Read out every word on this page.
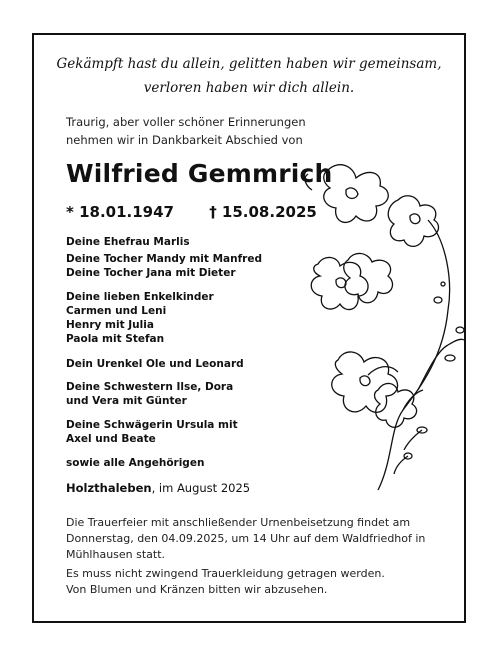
Gekämpft hast du allein, gelitten haben wir gemeinsam,
verloren haben wir dich allein.
Traurig, aber voller schöner Erinnerungen
nehmen wir in Dankbarkeit Abschied von
Wilfried Gemmrich
* 18.01.1947 † 15.08.2025
Deine Ehefrau Marlis
Deine Tocher Mandy mit Manfred
Deine Tocher Jana mit Dieter
Deine lieben Enkelkinder
Carmen und Leni
Henry mit Julia
Paola mit Stefan
Dein Urenkel Ole und Leonard
Deine Schwestern Ilse, Dora
und Vera mit Günter
Deine Schwägerin Ursula mit
Axel und Beate
sowie alle Angehörigen
Holzthaleben, im August 2025
Die Trauerfeier mit anschließender Urnenbeisetzung findet am
Donnerstag, den 04.09.2025, um 14 Uhr auf dem Waldfriedhof in
Mühlhausen statt.
Es muss nicht zwingend Trauerkleidung getragen werden.
Von Blumen und Kränzen bitten wir abzusehen.
